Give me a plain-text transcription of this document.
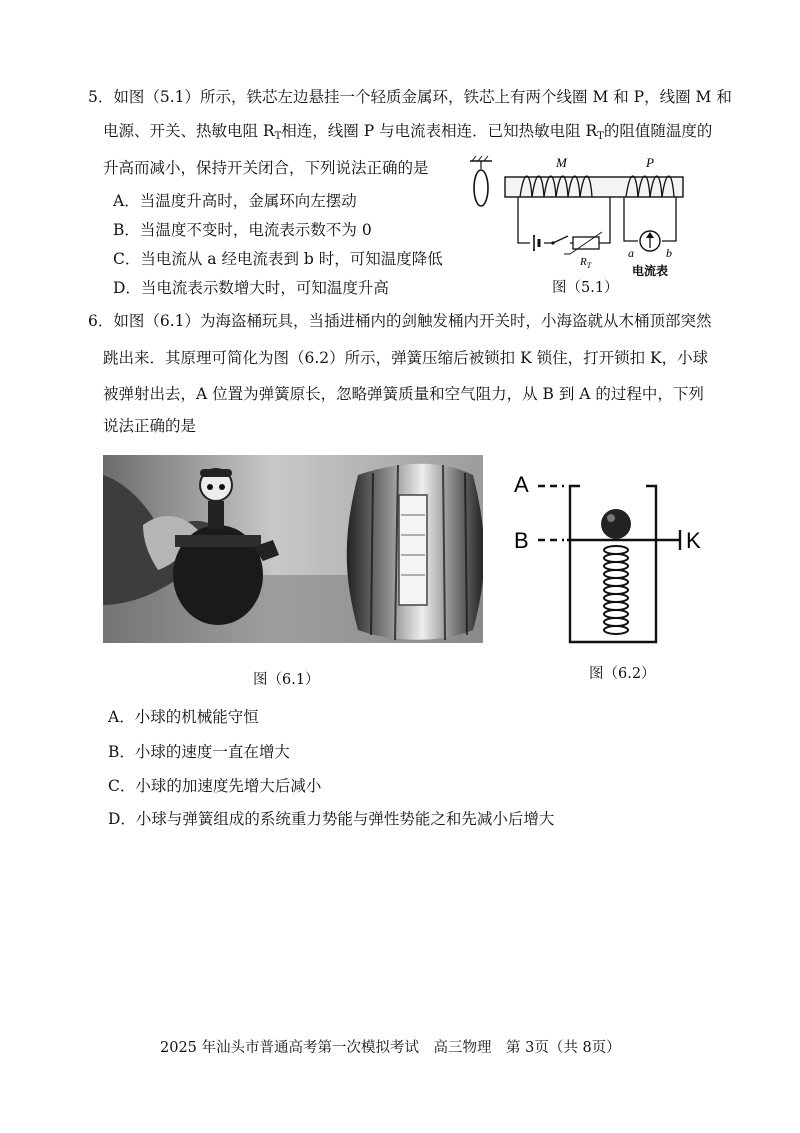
5．如图（5.1）所示，铁芯左边悬挂一个轻质金属环，铁芯上有两个线圈 M 和 P，线圈 M 和
电源、开关、热敏电阻 $R_T$相连，线圈 P 与电流表相连．已知热敏电阻 $R_T$的阻值随温度的
升高而减小，保持开关闭合，下列说法正确的是
A．当温度升高时，金属环向左摆动
B．当温度不变时，电流表示数不为 0
C．当电流从 a 经电流表到 b 时，可知温度降低
D．当电流表示数增大时，可知温度升高
M	P
$R_T$
a	b
电流表
图（5.1）
6．如图（6.1）为海盗桶玩具，当插进桶内的剑触发桶内开关时，小海盗就从木桶顶部突然
跳出来．其原理可简化为图（6.2）所示，弹簧压缩后被锁扣 K 锁住，打开锁扣 K，小球
被弹射出去，A 位置为弹簧原长，忽略弹簧质量和空气阻力，从 B 到 A 的过程中，下列
说法正确的是
图（6.1）
A
B	K
图（6.2）
A．小球的机械能守恒
B．小球的速度一直在增大
C．小球的加速度先增大后减小
D．小球与弹簧组成的系统重力势能与弹性势能之和先减小后增大
2025 年汕头市普通高考第一次模拟考试　高三物理　第 3页（共 8页）
